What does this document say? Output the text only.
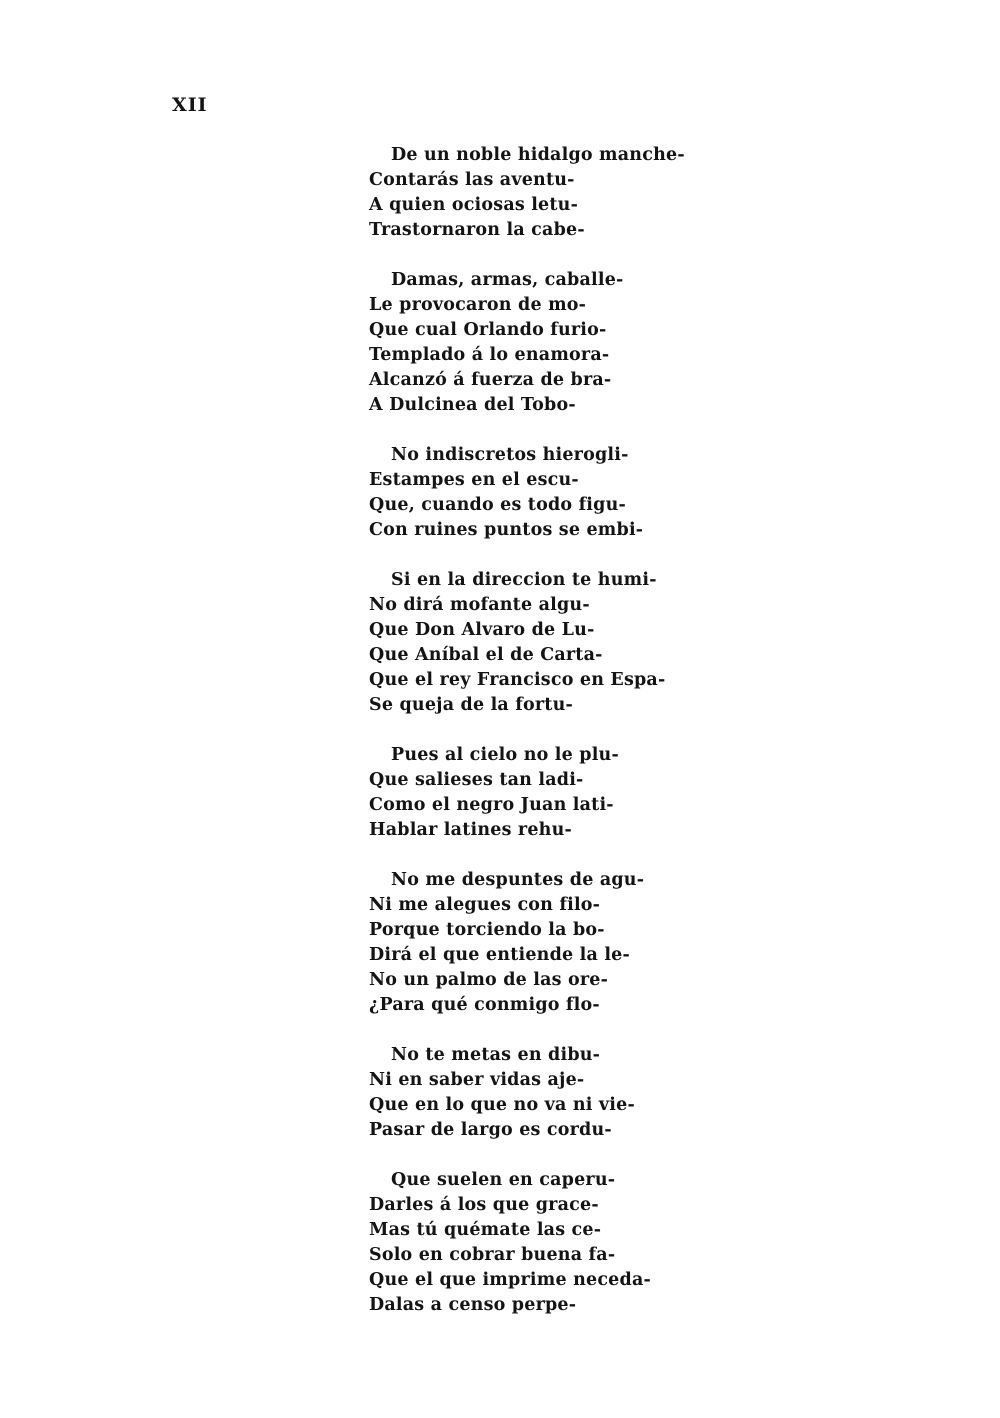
XII
De un noble hidalgo manche-
Contarás las aventu-
A quien ociosas letu-
Trastornaron la cabe-
Damas, armas, caballe-
Le provocaron de mo-
Que cual Orlando furio-
Templado á lo enamora-
Alcanzó á fuerza de bra-
A Dulcinea del Tobo-
No indiscretos hierogli-
Estampes en el escu-
Que, cuando es todo figu-
Con ruines puntos se embi-
Si en la direccion te humi-
No dirá mofante algu-
Que Don Alvaro de Lu-
Que Aníbal el de Carta-
Que el rey Francisco en Espa-
Se queja de la fortu-
Pues al cielo no le plu-
Que salieses tan ladi-
Como el negro Juan lati-
Hablar latines rehu-
No me despuntes de agu-
Ni me alegues con filo-
Porque torciendo la bo-
Dirá el que entiende la le-
No un palmo de las ore-
¿Para qué conmigo flo-
No te metas en dibu-
Ni en saber vidas aje-
Que en lo que no va ni vie-
Pasar de largo es cordu-
Que suelen en caperu-
Darles á los que grace-
Mas tú quémate las ce-
Solo en cobrar buena fa-
Que el que imprime neceda-
Dalas a censo perpe-
